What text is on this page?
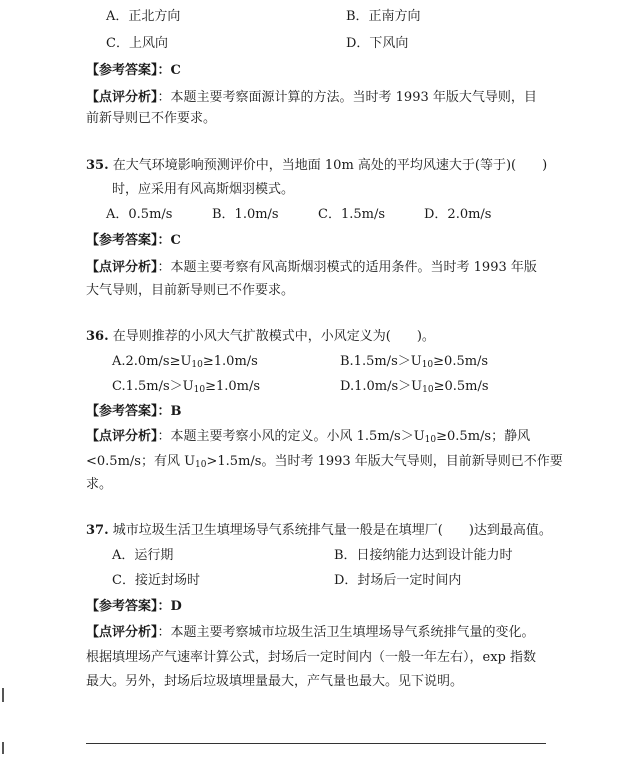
A．正北方向	B．正南方向
C．上风向	D．下风向
【参考答案】：C
【点评分析】：本题主要考察面源计算的方法。当时考 1993 年版大气导则，目
前新导则已不作要求。
35. 在大气环境影响预测评价中，当地面 10m 高处的平均风速大于(等于)(　　)
时，应采用有风高斯烟羽模式。
A．0.5m/s	B．1.0m/s	C．1.5m/s	D．2.0m/s
【参考答案】：C
【点评分析】：本题主要考察有风高斯烟羽模式的适用条件。当时考 1993 年版
大气导则，目前新导则已不作要求。
36. 在导则推荐的小风大气扩散模式中，小风定义为(　　)。
$A.2.0m/s\ge U_{10}\ge 1.0m/s$	$B.1.5m/s>U_{10}\ge 0.5m/s$
$C.1.5m/s>U_{10}\ge 1.0m/s$	$D.1.0m/s>U_{10}\ge 0.5m/s$
【参考答案】：B
【点评分析】：本题主要考察小风的定义。小风 $1.5m/s>U_{10}\ge 0.5m/s$；静风
<0.5m/s；有风 $U_{10}>1.5m/s$。当时考 1993 年版大气导则，目前新导则已不作要
求。
37. 城市垃圾生活卫生填埋场导气系统排气量一般是在填埋厂(　　)达到最高值。
A．运行期	B．日接纳能力达到设计能力时
C．接近封场时	D．封场后一定时间内
【参考答案】：D
【点评分析】：本题主要考察城市垃圾生活卫生填埋场导气系统排气量的变化。
根据填埋场产气速率计算公式，封场后一定时间内（一般一年左右），exp 指数
最大。另外，封场后垃圾填埋量最大，产气量也最大。见下说明。
